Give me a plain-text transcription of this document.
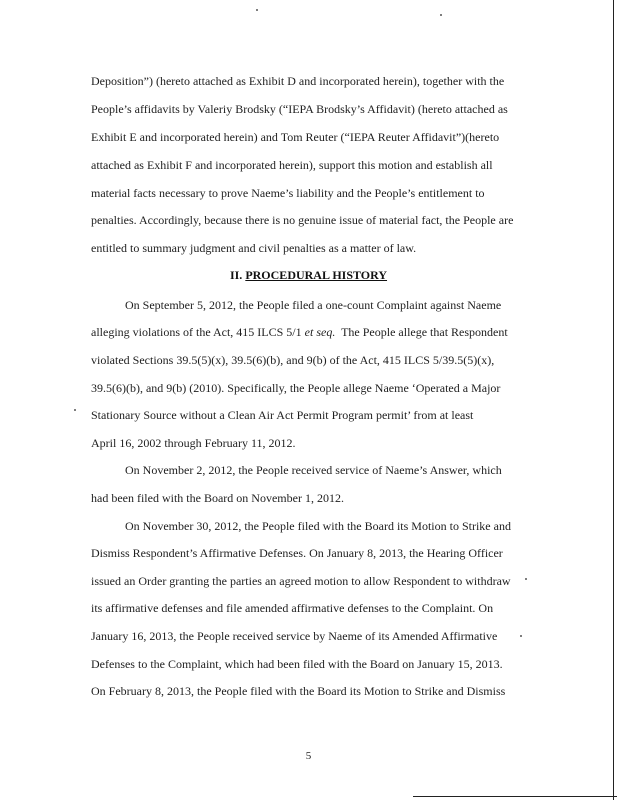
Deposition”) (hereto attached as Exhibit D and incorporated herein), together with the
People’s affidavits by Valeriy Brodsky (“IEPA Brodsky’s Affidavit) (hereto attached as
Exhibit E and incorporated herein) and Tom Reuter (“IEPA Reuter Affidavit”)(hereto
attached as Exhibit F and incorporated herein), support this motion and establish all
material facts necessary to prove Naeme’s liability and the People’s entitlement to
penalties. Accordingly, because there is no genuine issue of material fact, the People are
entitled to summary judgment and civil penalties as a matter of law.
II. PROCEDURAL HISTORY
On September 5, 2012, the People filed a one-count Complaint against Naeme
alleging violations of the Act, 415 ILCS 5/1 et seq.  The People allege that Respondent
violated Sections 39.5(5)(x), 39.5(6)(b), and 9(b) of the Act, 415 ILCS 5/39.5(5)(x),
39.5(6)(b), and 9(b) (2010). Specifically, the People allege Naeme ‘Operated a Major
Stationary Source without a Clean Air Act Permit Program permit’ from at least
April 16, 2002 through February 11, 2012.
On November 2, 2012, the People received service of Naeme’s Answer, which
had been filed with the Board on November 1, 2012.
On November 30, 2012, the People filed with the Board its Motion to Strike and
Dismiss Respondent’s Affirmative Defenses. On January 8, 2013, the Hearing Officer
issued an Order granting the parties an agreed motion to allow Respondent to withdraw
its affirmative defenses and file amended affirmative defenses to the Complaint. On
January 16, 2013, the People received service by Naeme of its Amended Affirmative
Defenses to the Complaint, which had been filed with the Board on January 15, 2013.
On February 8, 2013, the People filed with the Board its Motion to Strike and Dismiss
5
